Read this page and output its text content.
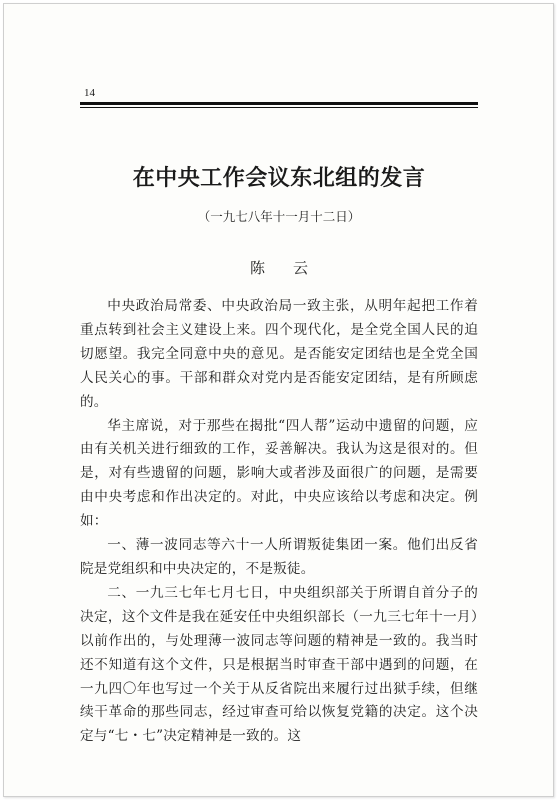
14
在中央工作会议东北组的发言
（一九七八年十一月十二日）
陈云

中央政治局常委、中央政治局一致主张，从明年起把工作着重点转到社会主义建设上来。四个现代化，是全党全国人民的迫切愿望。我完全同意中央的意见。是否能安定团结也是全党全国人民关心的事。干部和群众对党内是否能安定团结，是有所顾虑的。

华主席说，对于那些在揭批“四人帮”运动中遗留的问题，应由有关机关进行细致的工作，妥善解决。我认为这是很对的。但是，对有些遗留的问题，影响大或者涉及面很广的问题，是需要由中央考虑和作出决定的。对此，中央应该给以考虑和决定。例如：

一、薄一波同志等六十一人所谓叛徒集团一案。他们出反省院是党组织和中央决定的，不是叛徒。

二、一九三七年七月七日，中央组织部关于所谓自首分子的决定，这个文件是我在延安任中央组织部长（一九三七年十一月）以前作出的，与处理薄一波同志等问题的精神是一致的。我当时还不知道有这个文件，只是根据当时审查干部中遇到的问题，在一九四〇年也写过一个关于从反省院出来履行过出狱手续，但继续干革命的那些同志，经过审查可给以恢复党籍的决定。这个决定与“七・七”决定精神是一致的。这
